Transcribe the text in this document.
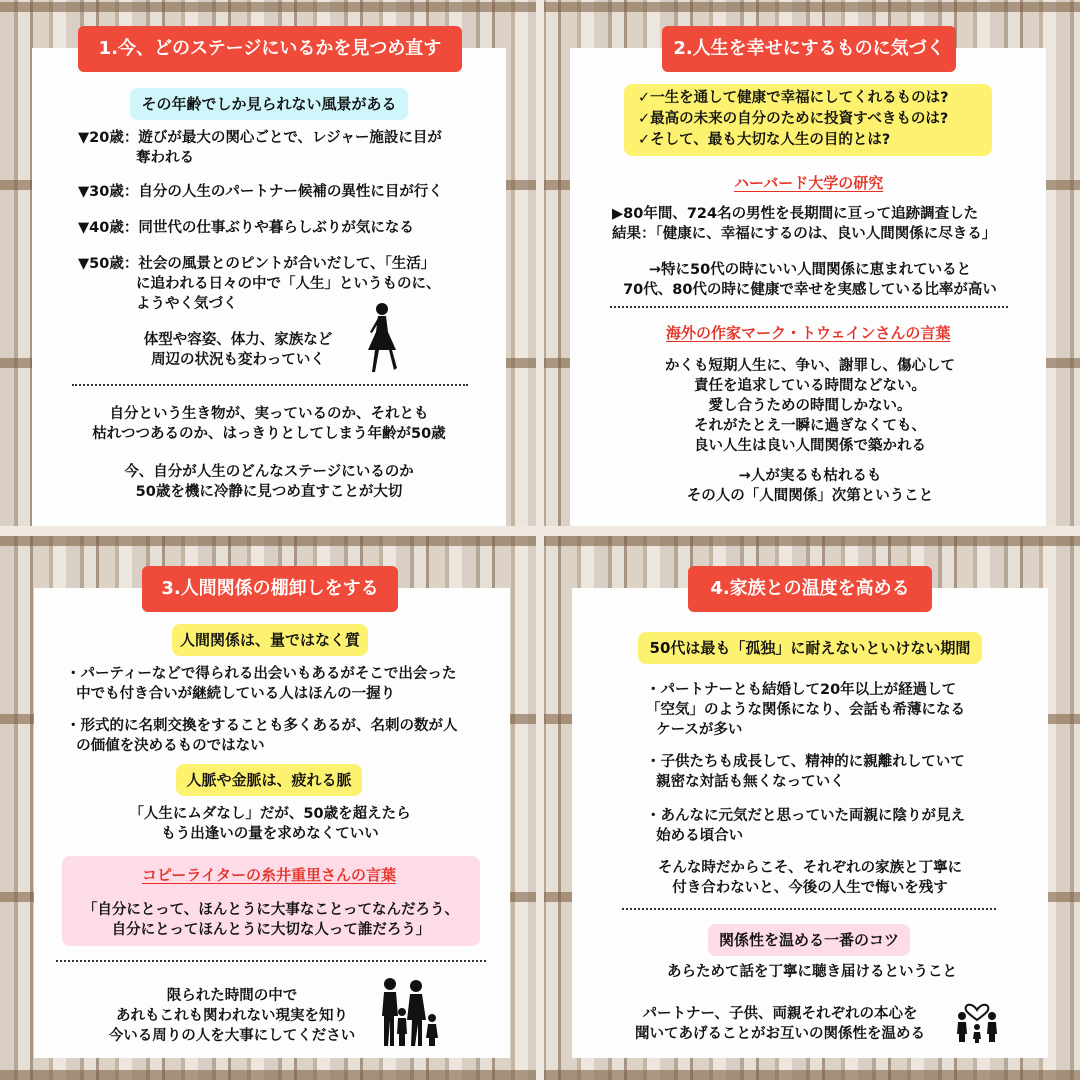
1.今、どのステージにいるかを見つめ直す
その年齢でしか見られない風景がある
▼20歳：遊びが最大の関心ごとで、レジャー施設に目が
　　　　奪われる
▼30歳：自分の人生のパートナー候補の異性に目が行く
▼40歳：同世代の仕事ぶりや暮らしぶりが気になる
▼50歳：社会の風景とのピントが合いだして、「生活」
　　　　に追われる日々の中で「人生」というものに、
　　　　ようやく気づく
体型や容姿、体力、家族など
周辺の状況も変わっていく
自分という生き物が、実っているのか、それとも
枯れつつあるのか、はっきりとしてしまう年齢が50歳
今、自分が人生のどんなステージにいるのか
50歳を機に冷静に見つめ直すことが大切
2.人生を幸せにするものに気づく
✓一生を通して健康で幸福にしてくれるものは?
✓最高の未来の自分のために投資すべきものは?
✓そして、最も大切な人生の目的とは?
ハーバード大学の研究
▶80年間、724名の男性を長期間に亘って追跡調査した
結果：「健康に、幸福にするのは、良い人間関係に尽きる」
→特に50代の時にいい人間関係に恵まれていると
70代、80代の時に健康で幸せを実感している比率が高い
海外の作家マーク・トウェインさんの言葉
かくも短期人生に、争い、謝罪し、傷心して
責任を追求している時間などない。
愛し合うための時間しかない。
それがたとえ一瞬に過ぎなくても、
良い人生は良い人間関係で築かれる
→人が実るも枯れるも
その人の「人間関係」次第ということ
3.人間関係の棚卸しをする
人間関係は、量ではなく質
・パーティーなどで得られる出会いもあるがそこで出会った
中でも付き合いが継続している人はほんの一握り
・形式的に名刺交換をすることも多くあるが、名刺の数が人
の価値を決めるものではない
人脈や金脈は、疲れる脈
「人生にムダなし」だが、50歳を超えたら
もう出逢いの量を求めなくていい
コピーライターの糸井重里さんの言葉
「自分にとって、ほんとうに大事なことってなんだろう、
自分にとってほんとうに大切な人って誰だろう」
限られた時間の中で
あれもこれも関われない現実を知り
今いる周りの人を大事にしてください
4.家族との温度を高める
50代は最も「孤独」に耐えないといけない期間
・パートナーとも結婚して20年以上が経過して
「空気」のような関係になり、会話も希薄になる
ケースが多い
・子供たちも成長して、精神的に親離れしていて
親密な対話も無くなっていく
・あんなに元気だと思っていた両親に陰りが見え
始める頃合い
そんな時だからこそ、それぞれの家族と丁寧に
付き合わないと、今後の人生で悔いを残す
関係性を温める一番のコツ
あらためて話を丁寧に聴き届けるということ
パートナー、子供、両親それぞれの本心を
聞いてあげることがお互いの関係性を温める
